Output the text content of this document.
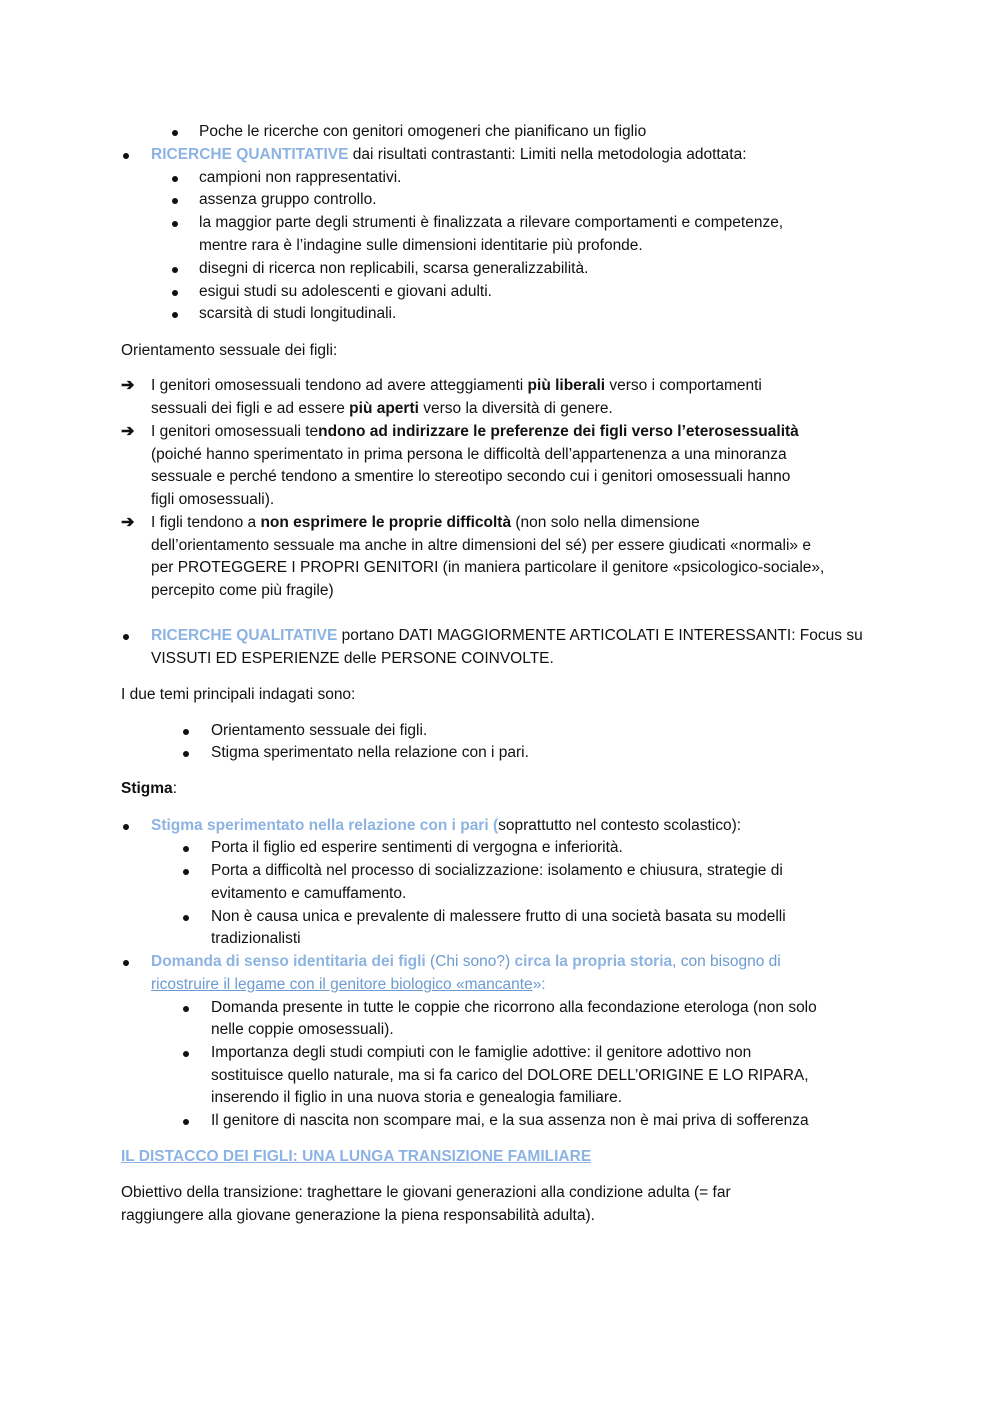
Poche le ricerche con genitori omogeneri che pianificano un figlio
RICERCHE QUANTITATIVE dai risultati contrastanti: Limiti nella metodologia adottata:
campioni non rappresentativi.
assenza gruppo controllo.
la maggior parte degli strumenti è finalizzata a rilevare comportamenti e competenze,
mentre rara è l’indagine sulle dimensioni identitarie più profonde.
disegni di ricerca non replicabili, scarsa generalizzabilità.
esigui studi su adolescenti e giovani adulti.
scarsità di studi longitudinali.
Orientamento sessuale dei figli:
➔ I genitori omosessuali tendono ad avere atteggiamenti più liberali verso i comportamenti
sessuali dei figli e ad essere più aperti verso la diversità di genere.
➔ I genitori omosessuali tendono ad indirizzare le preferenze dei figli verso l’eterosessualità
(poiché hanno sperimentato in prima persona le difficoltà dell’appartenenza a una minoranza
sessuale e perché tendono a smentire lo stereotipo secondo cui i genitori omosessuali hanno
figli omosessuali).
➔ I figli tendono a non esprimere le proprie difficoltà (non solo nella dimensione
dell’orientamento sessuale ma anche in altre dimensioni del sé) per essere giudicati «normali» e
per PROTEGGERE I PROPRI GENITORI (in maniera particolare il genitore «psicologico-sociale»,
percepito come più fragile)
RICERCHE QUALITATIVE portano DATI MAGGIORMENTE ARTICOLATI E INTERESSANTI: Focus su
VISSUTI ED ESPERIENZE delle PERSONE COINVOLTE.
I due temi principali indagati sono:
Orientamento sessuale dei figli.
Stigma sperimentato nella relazione con i pari.
Stigma:
Stigma sperimentato nella relazione con i pari (soprattutto nel contesto scolastico):
Porta il figlio ed esperire sentimenti di vergogna e inferiorità.
Porta a difficoltà nel processo di socializzazione: isolamento e chiusura, strategie di
evitamento e camuffamento.
Non è causa unica e prevalente di malessere frutto di una società basata su modelli
tradizionalisti
Domanda di senso identitaria dei figli (Chi sono?) circa la propria storia, con bisogno di
ricostruire il legame con il genitore biologico «mancante»:
Domanda presente in tutte le coppie che ricorrono alla fecondazione eterologa (non solo
nelle coppie omosessuali).
Importanza degli studi compiuti con le famiglie adottive: il genitore adottivo non
sostituisce quello naturale, ma si fa carico del DOLORE DELL’ORIGINE E LO RIPARA,
inserendo il figlio in una nuova storia e genealogia familiare.
Il genitore di nascita non scompare mai, e la sua assenza non è mai priva di sofferenza
IL DISTACCO DEI FIGLI: UNA LUNGA TRANSIZIONE FAMILIARE
Obiettivo della transizione: traghettare le giovani generazioni alla condizione adulta (= far
raggiungere alla giovane generazione la piena responsabilità adulta).
